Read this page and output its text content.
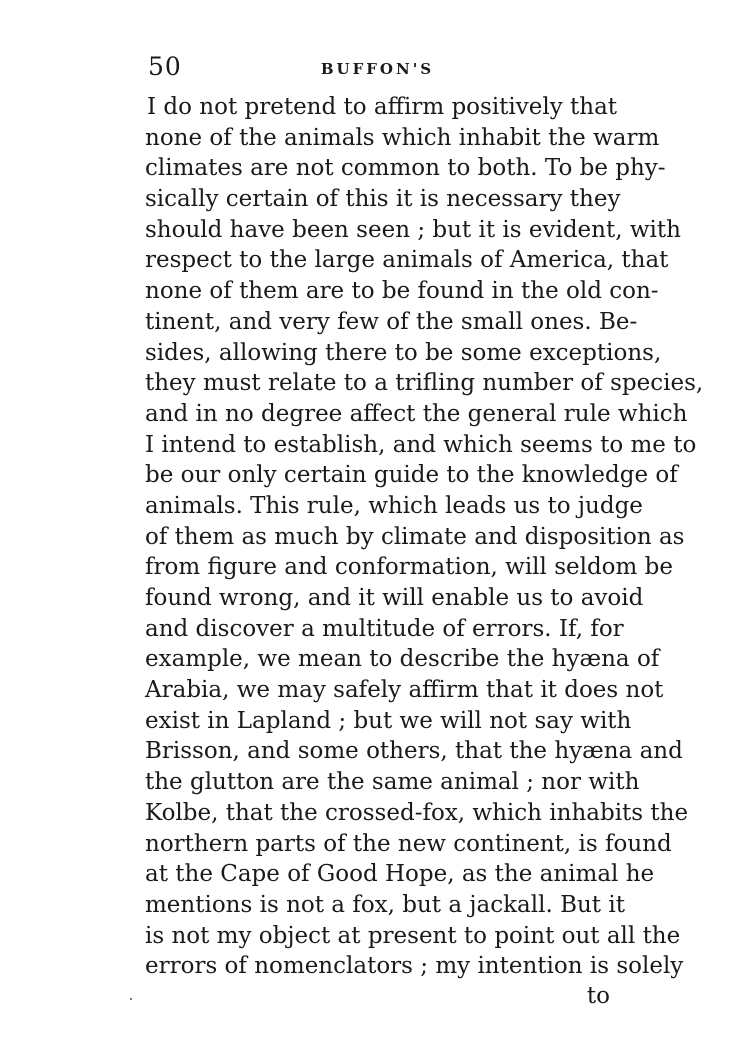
50	BUFFON'S
I do not pretend to affirm positively that
none of the animals which inhabit the warm
climates are not common to both. To be phy-
sically certain of this it is necessary they
should have been seen ; but it is evident, with
respect to the large animals of America, that
none of them are to be found in the old con-
tinent, and very few of the small ones. Be-
sides, allowing there to be some exceptions,
they must relate to a trifling number of species,
and in no degree affect the general rule which
I intend to establish, and which seems to me to
be our only certain guide to the knowledge of
animals. This rule, which leads us to judge
of them as much by climate and disposition as
from figure and conformation, will seldom be
found wrong, and it will enable us to avoid
and discover a multitude of errors. If, for
example, we mean to describe the hyæna of
Arabia, we may safely affirm that it does not
exist in Lapland ; but we will not say with
Brisson, and some others, that the hyæna and
the glutton are the same animal ; nor with
Kolbe, that the crossed-fox, which inhabits the
northern parts of the new continent, is found
at the Cape of Good Hope, as the animal he
mentions is not a fox, but a jackall. But it
is not my object at present to point out all the
errors of nomenclators ; my intention is solely
to
